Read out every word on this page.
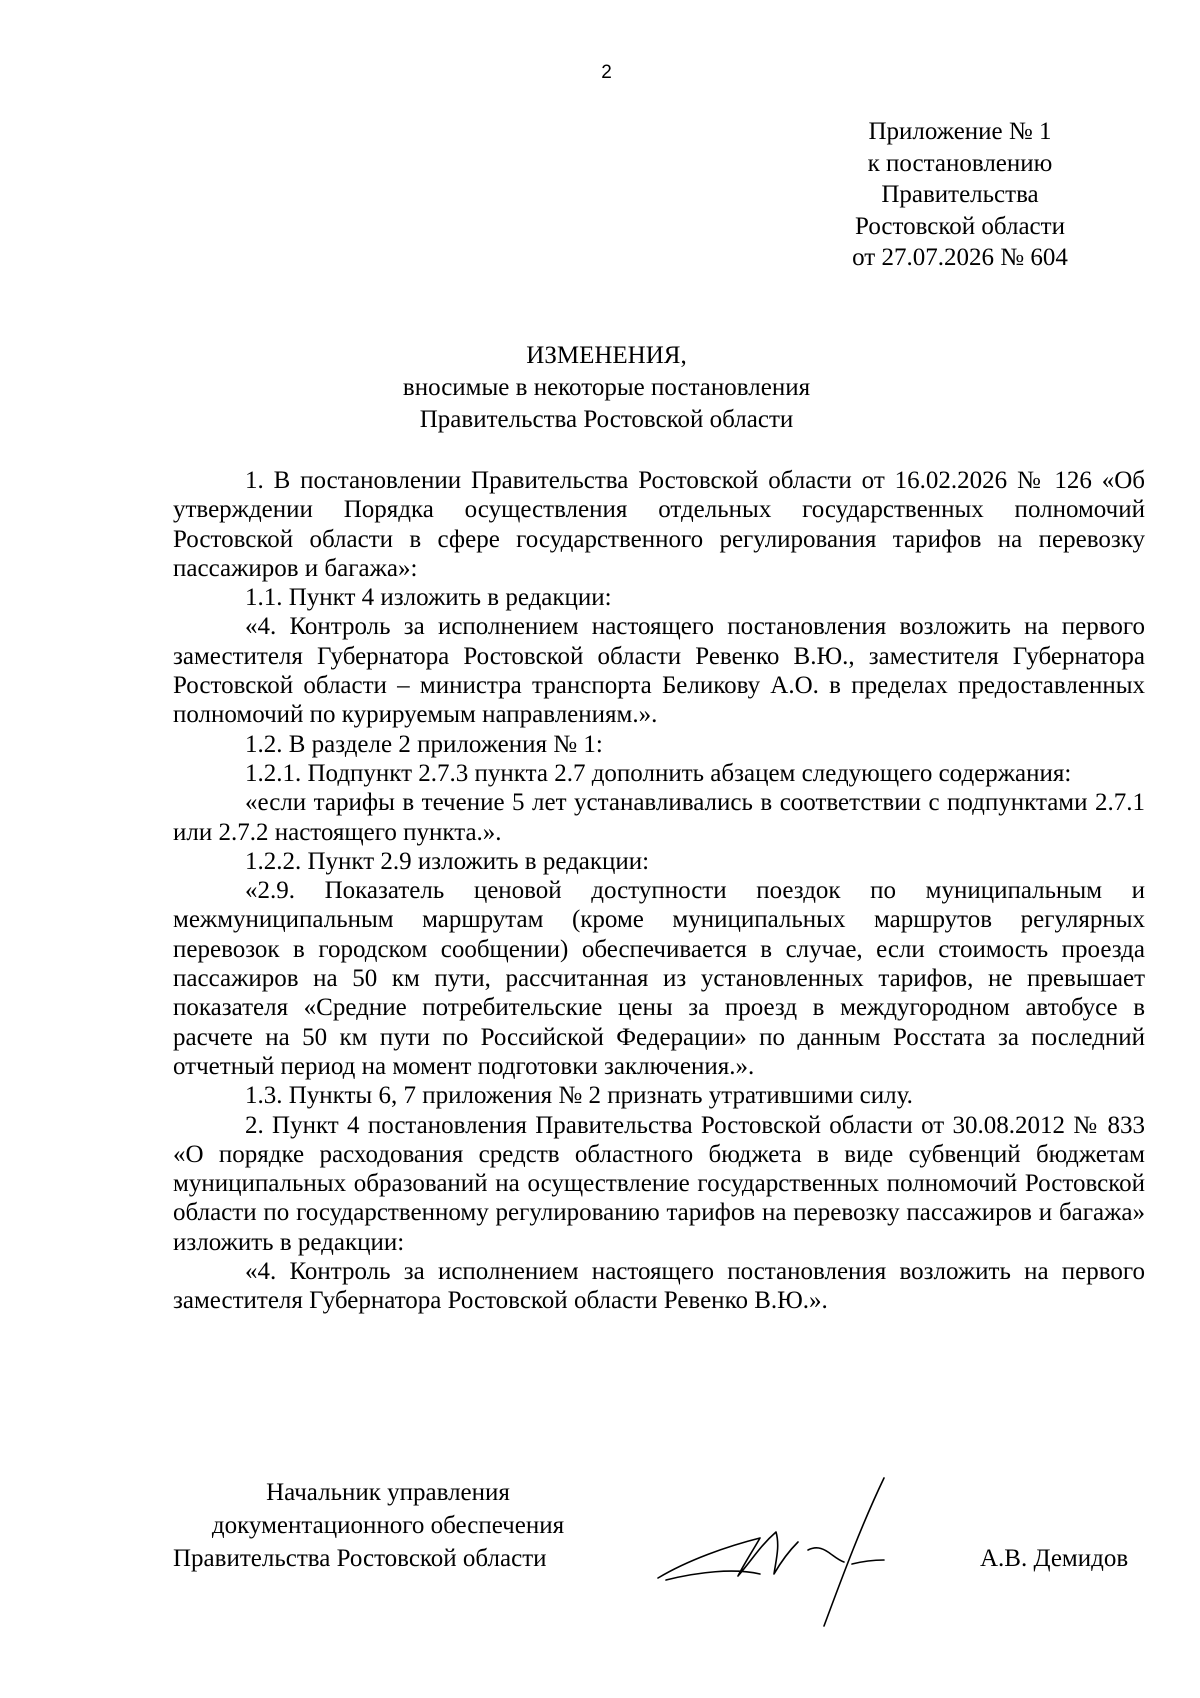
2
Приложение № 1
к постановлению
Правительства
Ростовской области
от 27.07.2026 № 604
ИЗМЕНЕНИЯ,
вносимые в некоторые постановления
Правительства Ростовской области

1. В постановлении Правительства Ростовской области от 16.02.2026 № 126 «Об утверждении Порядка осуществления отдельных государственных полномочий Ростовской области в сфере государственного регулирования тарифов на перевозку пассажиров и багажа»:

1.1. Пункт 4 изложить в редакции:

«4. Контроль за исполнением настоящего постановления возложить на первого заместителя Губернатора Ростовской области Ревенко В.Ю., заместителя Губернатора Ростовской области – министра транспорта Беликову А.О. в пределах предоставленных полномочий по курируемым направлениям.».

1.2. В разделе 2 приложения № 1:

1.2.1. Подпункт 2.7.3 пункта 2.7 дополнить абзацем следующего содержания:

«если тарифы в течение 5 лет устанавливались в соответствии с подпунктами 2.7.1 или 2.7.2 настоящего пункта.».

1.2.2. Пункт 2.9 изложить в редакции:

«2.9. Показатель ценовой доступности поездок по муниципальным и межмуниципальным маршрутам (кроме муниципальных маршрутов регулярных перевозок в городском сообщении) обеспечивается в случае, если стоимость проезда пассажиров на 50 км пути, рассчитанная из установленных тарифов, не превышает показателя «Средние потребительские цены за проезд в междугородном автобусе в расчете на 50 км пути по Российской Федерации» по данным Росстата за последний отчетный период на момент подготовки заключения.».

1.3. Пункты 6, 7 приложения № 2 признать утратившими силу.

2. Пункт 4 постановления Правительства Ростовской области от 30.08.2012 № 833 «О порядке расходования средств областного бюджета в виде субвенций бюджетам муниципальных образований на осуществление государственных полномочий Ростовской области по государственному регулированию тарифов на перевозку пассажиров и багажа» изложить в редакции:

«4. Контроль за исполнением настоящего постановления возложить на первого заместителя Губернатора Ростовской области Ревенко В.Ю.».

Начальник управления
документационного обеспечения
Правительства Ростовской области	А.В. Демидов
